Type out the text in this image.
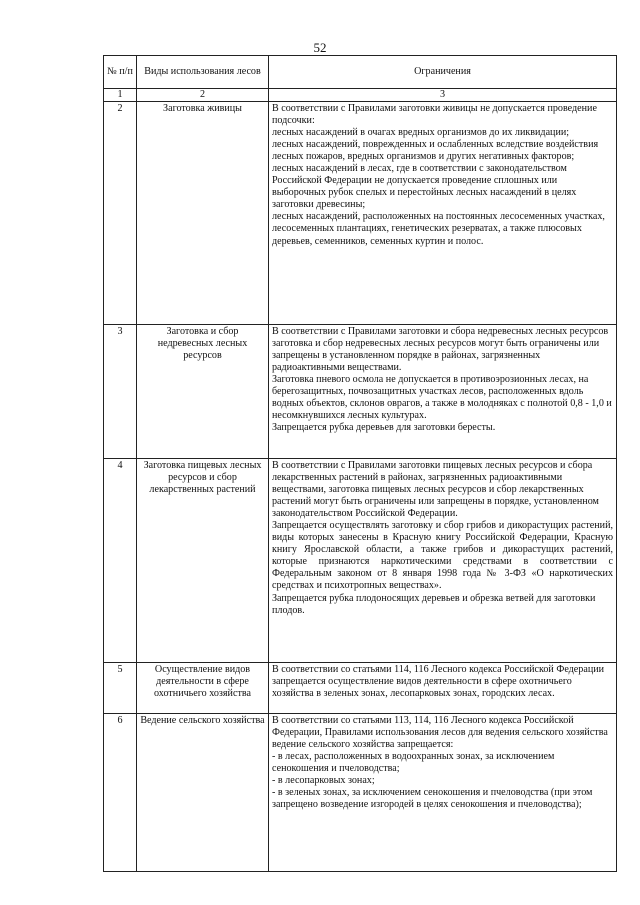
52
№ п/п	Виды использования лесов	Ограничения
1	2	3
2	Заготовка живицы	В соответствии с Правилами заготовки живицы не допускается проведение подсочки:

лесных насаждений в очагах вредных организмов до их ликвидации;

лесных насаждений, поврежденных и ослабленных вследствие воздействия лесных пожаров, вредных организмов и других негативных факторов;

лесных насаждений в лесах, где в соответствии с законодательством Российской Федерации не допускается проведение сплошных или выборочных рубок спелых и перестойных лесных насаждений в целях заготовки древесины;

лесных насаждений, расположенных на постоянных лесосеменных участках, лесосеменных плантациях, генетических резерватах, а также плюсовых деревьев, семенников, семенных куртин и полос.

3	Заготовка и сбор недревесных лесных ресурсов	В соответствии с Правилами заготовки и сбора недревесных лесных ресурсов заготовка и сбор недревесных лесных ресурсов могут быть ограничены или запрещены в установленном порядке в районах, загрязненных радиоактивными веществами.

Заготовка пневого осмола не допускается в противоэрозионных лесах, на берегозащитных, почвозащитных участках лесов, расположенных вдоль водных объектов, склонов оврагов, а также в молодняках с полнотой 0,8 - 1,0 и несомкнувшихся лесных культурах.

Запрещается рубка деревьев для заготовки бересты.

4	Заготовка пищевых лесных ресурсов и сбор лекарственных растений	В соответствии с Правилами заготовки пищевых лесных ресурсов и сбора лекарственных растений в районах, загрязненных радиоактивными веществами, заготовка пищевых лесных ресурсов и сбор лекарственных растений могут быть ограничены или запрещены в порядке, установленном законодательством Российской Федерации.

Запрещается осуществлять заготовку и сбор грибов и дикорастущих растений, виды которых занесены в Красную книгу Российской Федерации, Красную книгу Ярославской области, а также грибов и дикорастущих растений, которые признаются наркотическими средствами в соответствии с Федеральным законом от 8 января 1998 года № 3-ФЗ «О наркотических средствах и психотропных веществах».

Запрещается рубка плодоносящих деревьев и обрезка ветвей для заготовки плодов.

5	Осуществление видов деятельности в сфере охотничьего хозяйства	В соответствии со статьями 114, 116 Лесного кодекса Российской Федерации запрещается осуществление видов деятельности в сфере охотничьего хозяйства в зеленых зонах, лесопарковых зонах, городских лесах.

6	Ведение сельского хозяйства	В соответствии со статьями 113, 114, 116 Лесного кодекса Российской Федерации, Правилами использования лесов для ведения сельского хозяйства ведение сельского хозяйства запрещается:

- в лесах, расположенных в водоохранных зонах, за исключением сенокошения и пчеловодства;

- в лесопарковых зонах;

- в зеленых зонах, за исключением сенокошения и пчеловодства (при этом запрещено возведение изгородей в целях сенокошения и пчеловодства);
